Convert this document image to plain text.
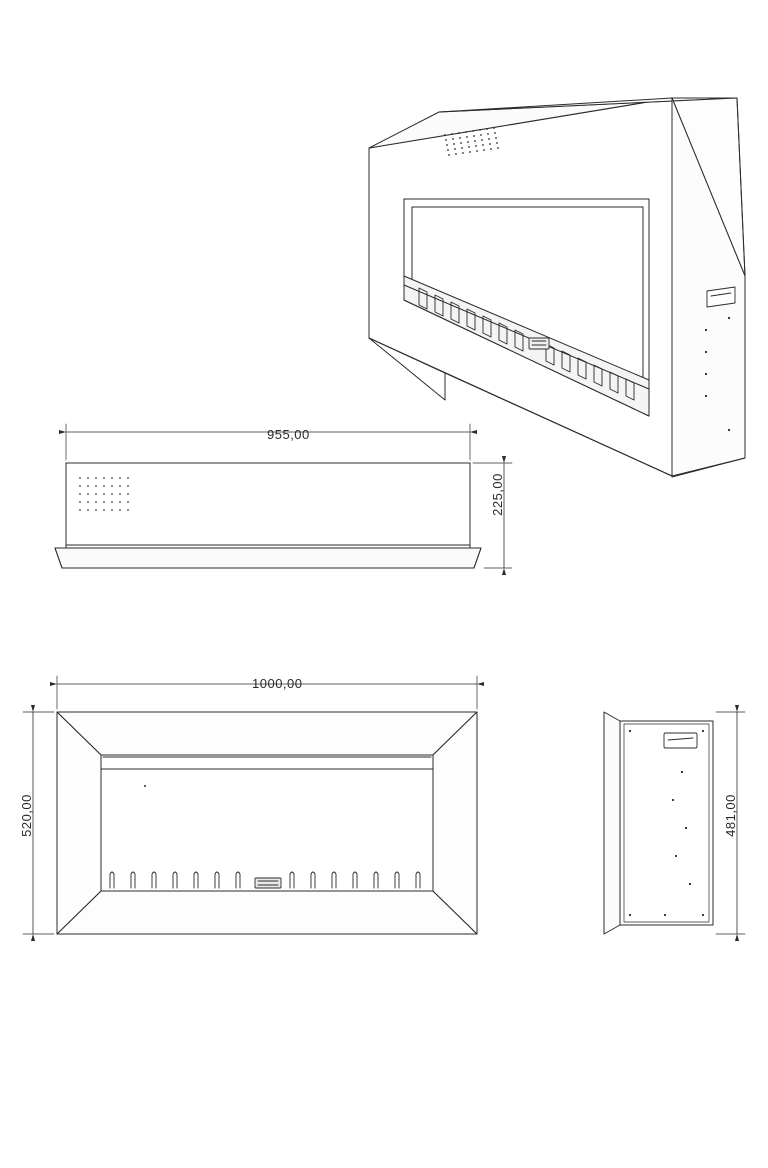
955,00
225,00
1000,00
520,00	481,00
